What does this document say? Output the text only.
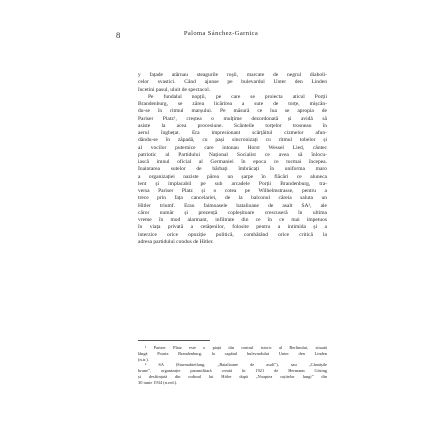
8	Paloma Sánchez-Garnica
y fațade atârnau steagurile roșii, marcate de negrul diaboli-
celor svastici. Când ajunse pe bulevardul Unter den Linden
încetini pasul, uluit de spectacol.
Pe fundalul nopții, pe care se proiecta aticul Porții
Brandenburg, se zărea licărirea a sute de torțe, mișcân-
du-se în ritmul marșului. Pe măsură ce lua se apropia de
Pariser Platz¹, creștea o mulțime dezordonată și avidă să
asiste la acea procesiune. Scânteile torțelor trosneau în
aerul înghețat. Era impresionant scârțâitul cizmelor afun-
dându-se în zăpadă, cu pași sincronizați cu ritmul tobelor și
al vocilor puternice care intonau Horst Wessel Lied, cântec
patriotic al Partidului Național Socialist ce avea să înlocu-
iască imnul oficial al Germaniei în epoca ce tocmai începea.
Înaintarea sutelor de bărbați îmbrăcați în uniforma maro
a organizației naziste părea un șarpe în flăcări ce aluneca
lent și implacabil pe sub arcadele Porții Brandenburg, tra-
versa Pariser Platz și o cotea pe Wilhelmstrasse, pentru a
trece prin fața cancelariei, de la balconul căreia saluta un
Hitler triumf. Erau faimoasele batalioane de asalt SA², ale
căror număr și prezență copleșitoare crescuseră în ultima
vreme în mod alarmant, infiltrate din ce în ce mai impetuos
în viața privată a cetățenilor, folosite pentru a intimida și a
interzice orice opoziție politică, combătând orice critică la
adresa partidului condus de Hitler.
¹ Pariser Platz este o piață din centrul istoric al Berlinului, situată
lângă Poarta Brandenburg, la capătul bulevardului Unter den Linden
(n.tr.).
² SA (Sturmabteilung, „Batalioane de asalt”), sau „Cămășile
brune”, organizație paramilitară creată în 1921 de Hermann Göring
și desființată din ordinul lui Hitler după „Noaptea cuțitelor lungi” din
30 iunie 1934 (n.red.).
